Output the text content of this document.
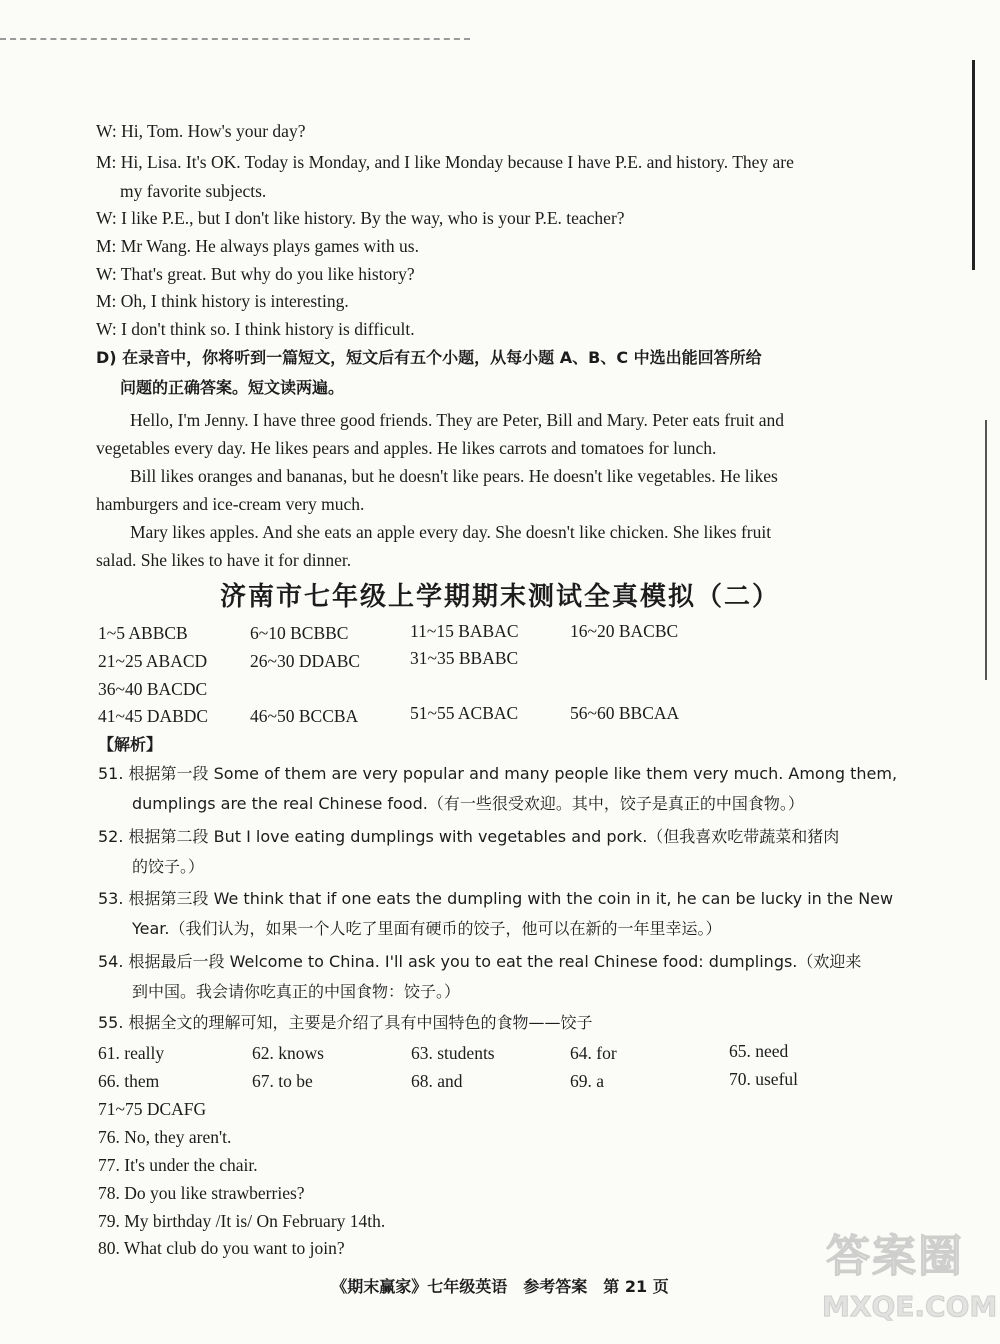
W: Hi, Tom. How's your day?
M: Hi, Lisa. It's OK. Today is Monday, and I like Monday because I have P.E. and history. They are
my favorite subjects.
W: I like P.E., but I don't like history. By the way, who is your P.E. teacher?
M: Mr Wang. He always plays games with us.
W: That's great. But why do you like history?
M: Oh, I think history is interesting.
W: I don't think so. I think history is difficult.
D) 在录音中，你将听到一篇短文，短文后有五个小题，从每小题 A、B、C 中选出能回答所给
问题的正确答案。短文读两遍。
Hello, I'm Jenny. I have three good friends. They are Peter, Bill and Mary. Peter eats fruit and
vegetables every day. He likes pears and apples. He likes carrots and tomatoes for lunch.
Bill likes oranges and bananas, but he doesn't like pears. He doesn't like vegetables. He likes
hamburgers and ice-cream very much.
Mary likes apples. And she eats an apple every day. She doesn't like chicken. She likes fruit
salad. She likes to have it for dinner.
济南市七年级上学期期末测试全真模拟（二）
1~5 ABBCB	6~10 BCBBC	11~15 BABAC	16~20 BACBC
21~25 ABACD 26~30 DDABC	31~35 BBABC
36~40 BACDC
41~45 DABDC 46~50 BCCBA	51~55 ACBAC	56~60 BBCAA
【解析】
51. 根据第一段 Some of them are very popular and many people like them very much. Among them,
dumplings are the real Chinese food.（有一些很受欢迎。其中，饺子是真正的中国食物。）
52. 根据第二段 But I love eating dumplings with vegetables and pork.（但我喜欢吃带蔬菜和猪肉
的饺子。）
53. 根据第三段 We think that if one eats the dumpling with the coin in it, he can be lucky in the New
Year.（我们认为，如果一个人吃了里面有硬币的饺子，他可以在新的一年里幸运。）
54. 根据最后一段 Welcome to China. I'll ask you to eat the real Chinese food: dumplings.（欢迎来
到中国。我会请你吃真正的中国食物：饺子。）
55. 根据全文的理解可知，主要是介绍了具有中国特色的食物——饺子
61. really	62. knows	63. students	64. for	65. need
66. them	67. to be	68. and	69. a	70. useful
71~75 DCAFG
76. No, they aren't.
77. It's under the chair.
78. Do you like strawberries?
79. My birthday /It is/ On February 14th.
80. What club do you want to join?
《期末赢家》七年级英语　参考答案　第 21 页
答案圈
MXQE.COM
